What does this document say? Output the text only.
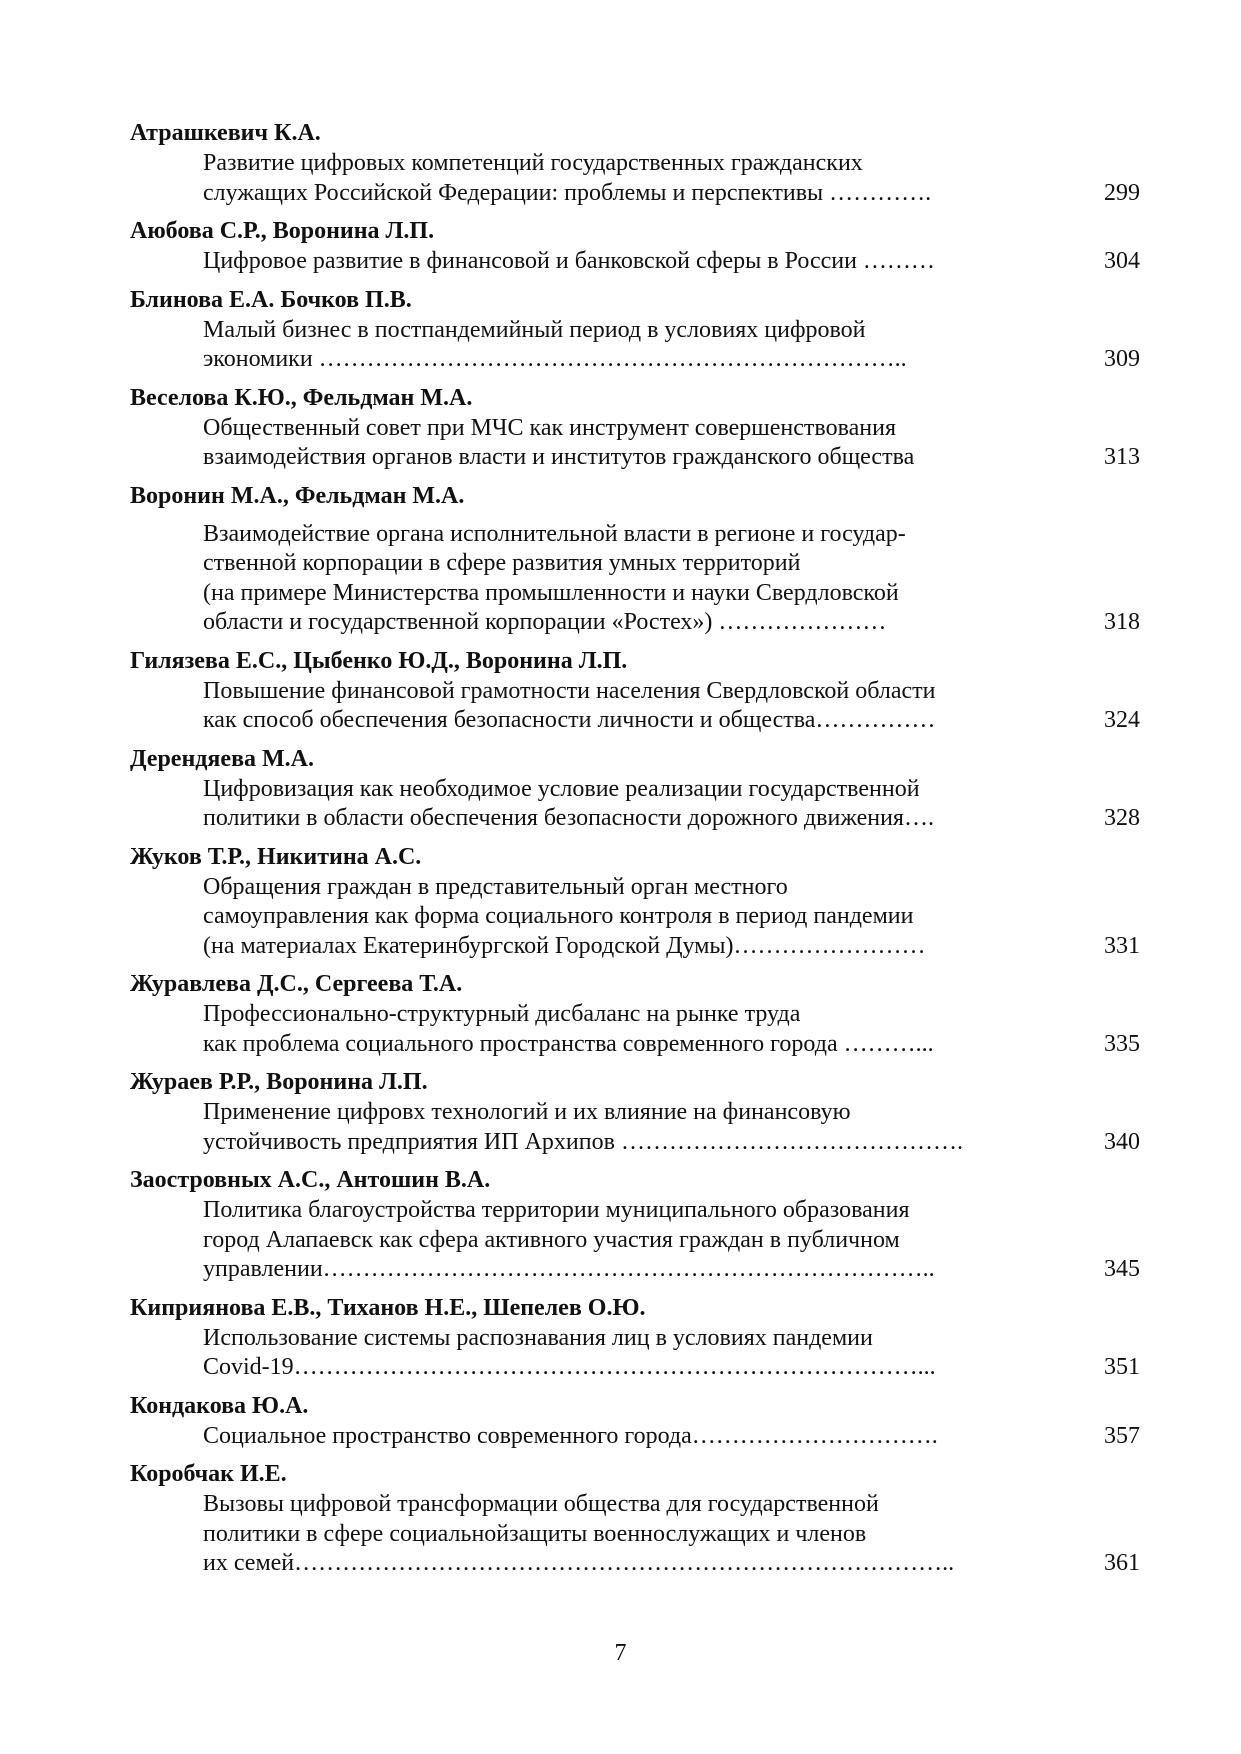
Атрашкевич К.А.
Развитие цифровых компетенций государственных гражданских
служащих Российской Федерации: проблемы и перспективы ………….	299
Аюбова С.Р., Воронина Л.П.
Цифровое развитие в финансовой и банковской сферы в России ………	304
Блинова Е.А. Бочков П.В.
Малый бизнес в постпандемийный период в условиях цифровой
экономики ………………………………………………………………..	309
Веселова К.Ю., Фельдман М.А.
Общественный совет при МЧС как инструмент совершенствования
взаимодействия органов власти и институтов гражданского общества	313
Воронин М.А., Фельдман М.А.
Взаимодействие органа исполнительной власти в регионе и государ-
ственной корпорации в сфере развития умных территорий
(на примере Министерства промышленности и науки Свердловской
области и государственной корпорации «Ростех») …………………	318
Гилязева Е.С., Цыбенко Ю.Д., Воронина Л.П.
Повышение финансовой грамотности населения Свердловской области
как способ обеспечения безопасности личности и общества……………	324
Дерендяева М.А.
Цифровизация как необходимое условие реализации государственной
политики в области обеспечения безопасности дорожного движения….	328
Жуков Т.Р., Никитина А.С.
Обращения граждан в представительный орган местного
самоуправления как форма социального контроля в период пандемии
(на материалах Екатеринбургской Городской Думы)……………………	331
Журавлева Д.С., Сергеева Т.А.
Профессионально-структурный дисбаланс на рынке труда
как проблема социального пространства современного города ………...	335
Жураев Р.Р., Воронина Л.П.
Применение цифровх технологий и их влияние на финансовую
устойчивость предприятия ИП Архипов …………………………………….	340
Заостровных А.С., Антошин В.А.
Политика благоустройства территории муниципального образования
город Алапаевск как сфера активного участия граждан в публичном
управлении…………………………………………………………………..	345
Киприянова Е.В., Тиханов Н.Е., Шепелев О.Ю.
Использование системы распознавания лиц в условиях пандемии
Covid-19……………………………………………………………………...	351
Кондакова Ю.А.
Социальное пространство современного города………………………….	357
Коробчак И.Е.
Вызовы цифровой трансформации общества для государственной
политики в сфере социальнойзащиты военнослужащих и членов
их семей………………………………………………………………………..	361
7
